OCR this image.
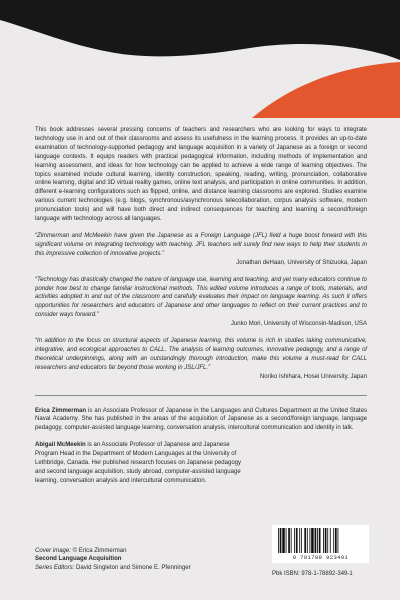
This book addresses several pressing concerns of teachers and researchers who are looking for ways to integrate technology use in and out of their classrooms and assess its usefulness in the learning process. It provides an up-to-date examination of technology-supported pedagogy and language acquisition in a variety of Japanese as a foreign or second language contexts. It equips readers with practical pedagogical information, including methods of implementation and learning assessment, and ideas for how technology can be applied to achieve a wide range of learning objectives. The topics examined include cultural learning, identity construction, speaking, reading, writing, pronunciation, collaborative online learning, digital and 3D virtual reality games, online text analysis, and participation in online communities. In addition, different e-learning configurations such as flipped, online, and distance learning classrooms are explored. Studies examine various current technologies (e.g. blogs, synchronous/asynchronous telecollaboration, corpus analysis software, modern pronunciation tools) and will have both direct and indirect consequences for teaching and learning a second/foreign language with technology across all languages.

“Zimmerman and McMeekin have given the Japanese as a Foreign Language (JFL) field a huge boost forward with this significant volume on integrating technology with teaching. JFL teachers will surely find new ways to help their students in this impressive collection of innovative projects.”

Jonathan deHaan, University of Shizuoka, Japan

“Technology has drastically changed the nature of language use, learning and teaching, and yet many educators continue to ponder how best to change familiar instructional methods. This edited volume introduces a range of tools, materials, and activities adopted in and out of the classroom and carefully evaluates their impact on language learning. As such it offers opportunities for researchers and educators of Japanese and other languages to reflect on their current practices and to consider ways forward.”

Junko Mori, University of Wisconsin-Madison, USA

“In addition to the focus on structural aspects of Japanese learning, this volume is rich in studies taking communicative, integrative, and ecological approaches to CALL. The analysis of learning outcomes, innovative pedagogy, and a range of theoretical underpinnings, along with an outstandingly thorough introduction, make this volume a must-read for CALL researchers and educators far beyond those working in JSL/JFL.”

Noriko Ishihara, Hosei University, Japan

Erica Zimmerman is an Associate Professor of Japanese in the Languages and Cultures Department at the United States Naval Academy. She has published in the areas of the acquisition of Japanese as a second/foreign language, language pedagogy, computer-assisted language learning, conversation analysis, intercultural communication and identity in talk.

Abigail McMeekin is an Associate Professor of Japanese and Japanese Program Head in the Department of Modern Languages at the University of Lethbridge, Canada. Her published research focuses on Japanese pedagogy and second language acquisition, study abroad, computer-assisted language learning, conversation analysis and intercultural communication.

Cover image: © Erica Zimmerman
Second Language Acquisition
Series Editors: David Singleton and Simone E. Pfenninger
9 781788 923491
Pbk ISBN: 978-1-78892-349-1
